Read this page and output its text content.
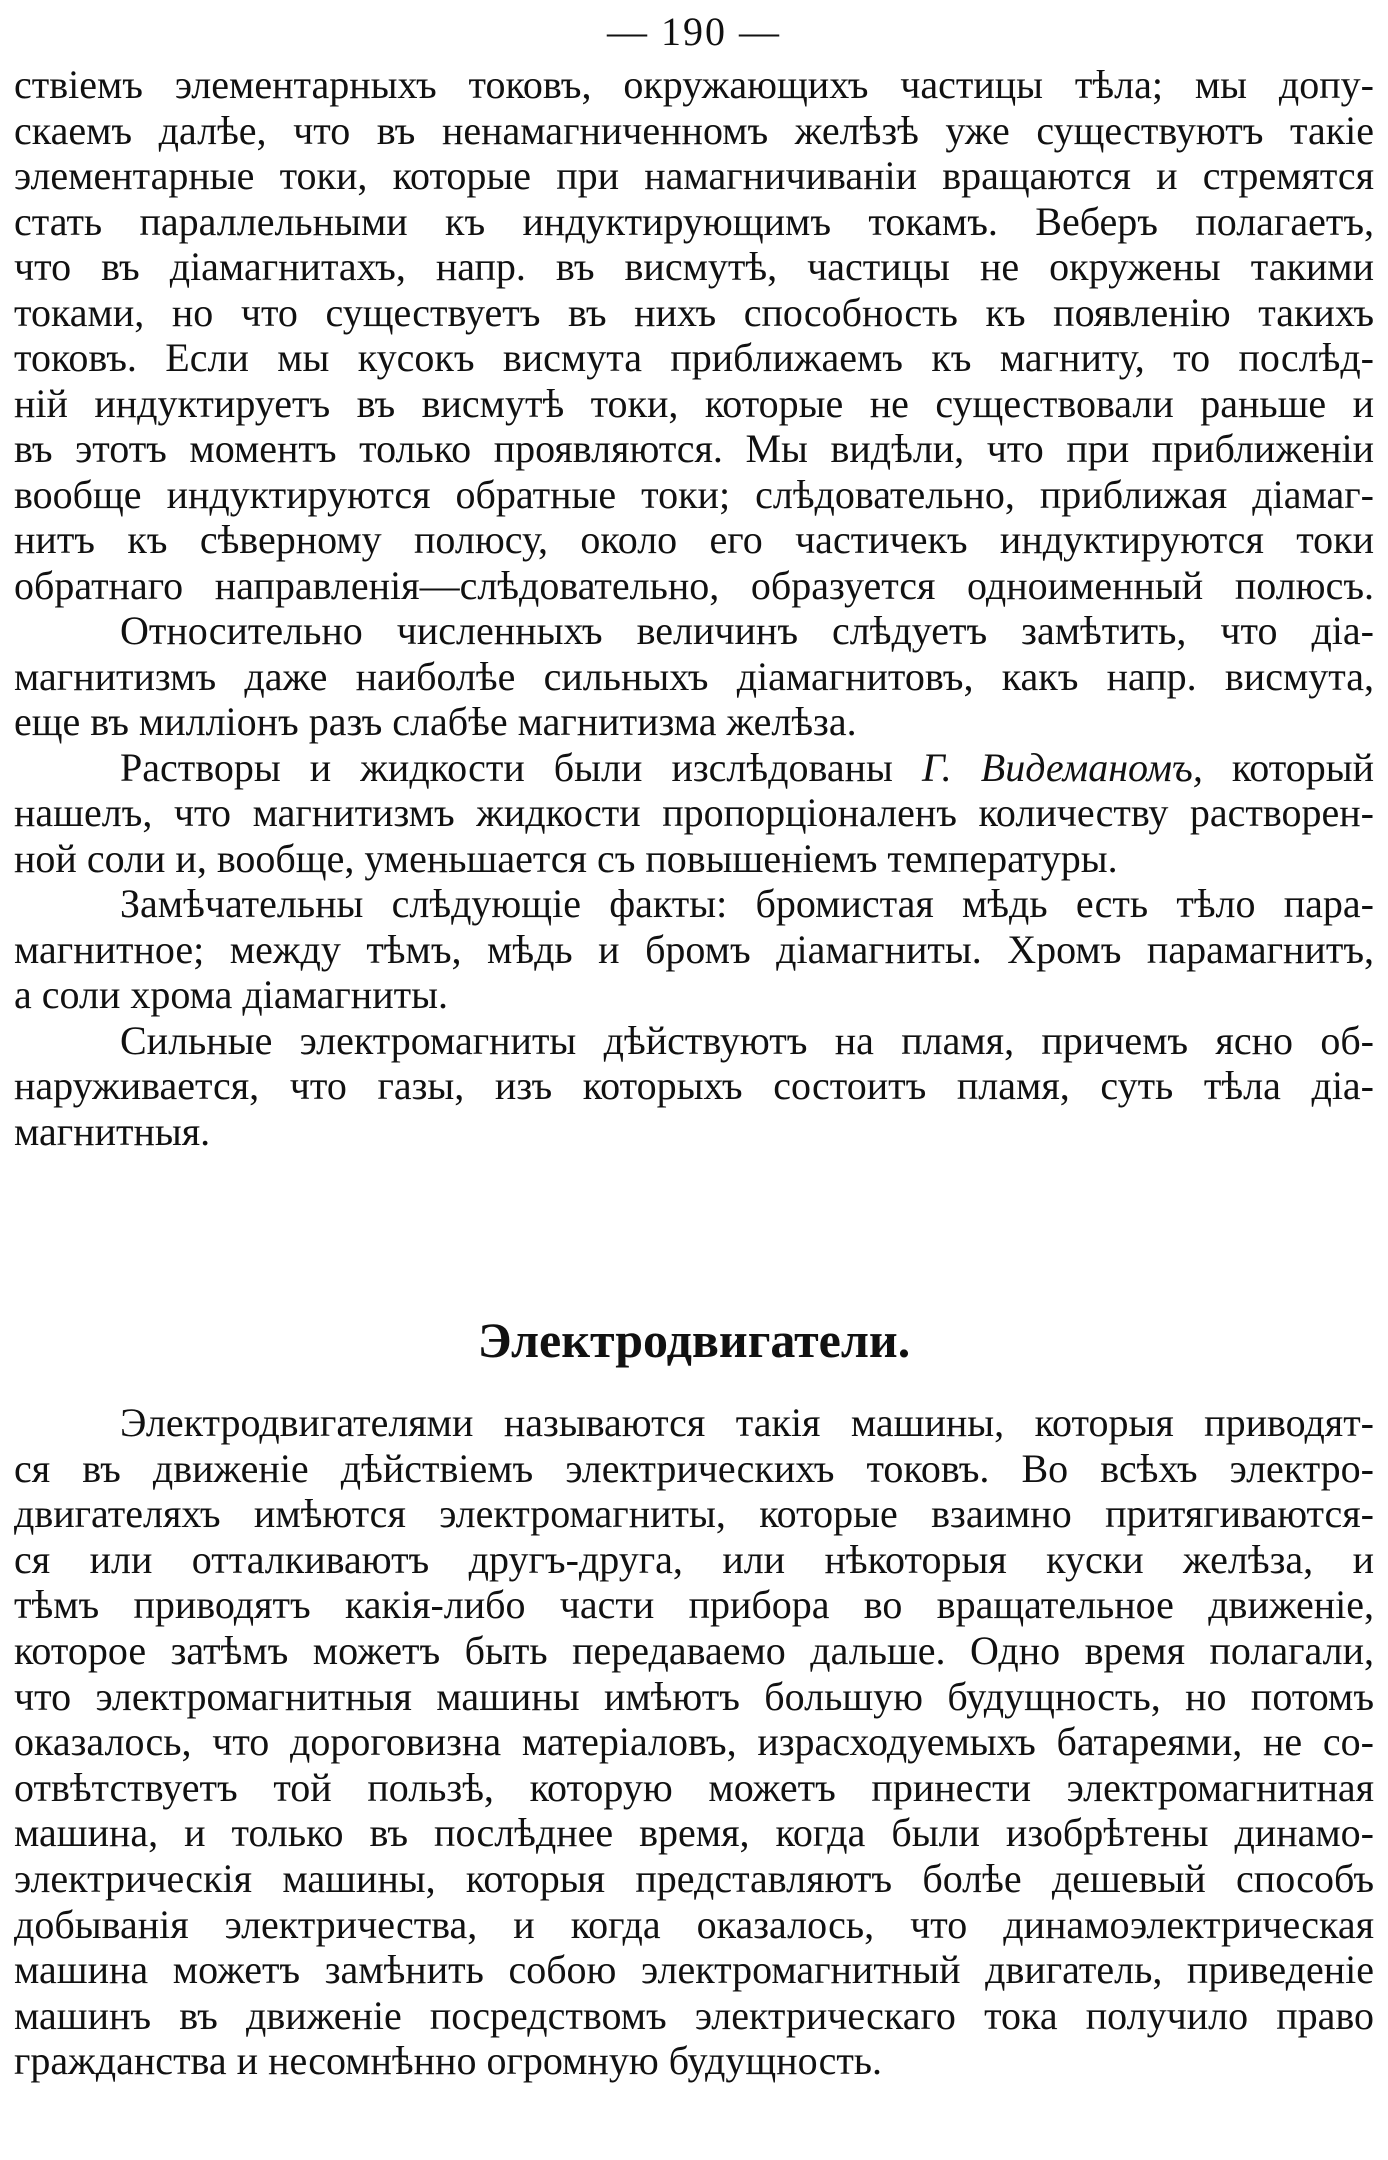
— 190 —
ствіемъ элементарныхъ токовъ, окружающихъ частицы тѣла; мы допу-
скаемъ далѣе, что въ ненамагниченномъ желѣзѣ уже существуютъ такіе
элементарные токи, которые при намагничиваніи вращаются и стремятся
стать параллельными къ индуктирующимъ токамъ. Веберъ полагаетъ,
что въ діамагнитахъ, напр. въ висмутѣ, частицы не окружены такими
токами, но что существуетъ въ нихъ способность къ появленію такихъ
токовъ. Если мы кусокъ висмута приближаемъ къ магниту, то послѣд-
ній индуктируетъ въ висмутѣ токи, которые не существовали раньше и
въ этотъ моментъ только проявляются. Мы видѣли, что при приближеніи
вообще индуктируются обратные токи; слѣдовательно, приближая діамаг-
нитъ къ сѣверному полюсу, около его частичекъ индуктируются токи
обратнаго направленія—слѣдовательно, образуется одноименный полюсъ.
Относительно численныхъ величинъ слѣдуетъ замѣтить, что діа-
магнитизмъ даже наиболѣе сильныхъ діамагнитовъ, какъ напр. висмута,
еще въ милліонъ разъ слабѣе магнитизма желѣза.
Растворы и жидкости были изслѣдованы Г. Видеманомъ, который
нашелъ, что магнитизмъ жидкости пропорціоналенъ количеству растворен-
ной соли и, вообще, уменьшается съ повышеніемъ температуры.
Замѣчательны слѣдующіе факты: бромистая мѣдь есть тѣло пара-
магнитное; между тѣмъ, мѣдь и бромъ діамагниты. Хромъ парамагнитъ,
а соли хрома діамагниты.
Сильные электромагниты дѣйствуютъ на пламя, причемъ ясно об-
наруживается, что газы, изъ которыхъ состоитъ пламя, суть тѣла діа-
магнитныя.
Электродвигатели.
Электродвигателями называются такія машины, которыя приводят-
ся въ движеніе дѣйствіемъ электрическихъ токовъ. Во всѣхъ электро-
двигателяхъ имѣются электромагниты, которые взаимно притягиваются-
ся или отталкиваютъ другъ-друга, или нѣкоторыя куски желѣза, и
тѣмъ приводятъ какія-либо части прибора во вращательное движеніе,
которое затѣмъ можетъ быть передаваемо дальше. Одно время полагали,
что электромагнитныя машины имѣютъ большую будущность, но потомъ
оказалось, что дороговизна матеріаловъ, израсходуемыхъ батареями, не со-
отвѣтствуетъ той пользѣ, которую можетъ принести электромагнитная
машина, и только въ послѣднее время, когда были изобрѣтены динамо-
электрическія машины, которыя представляютъ болѣе дешевый способъ
добыванія электричества, и когда оказалось, что динамоэлектрическая
машина можетъ замѣнить собою электромагнитный двигатель, приведеніе
машинъ въ движеніе посредствомъ электрическаго тока получило право
гражданства и несомнѣнно огромную будущность.
